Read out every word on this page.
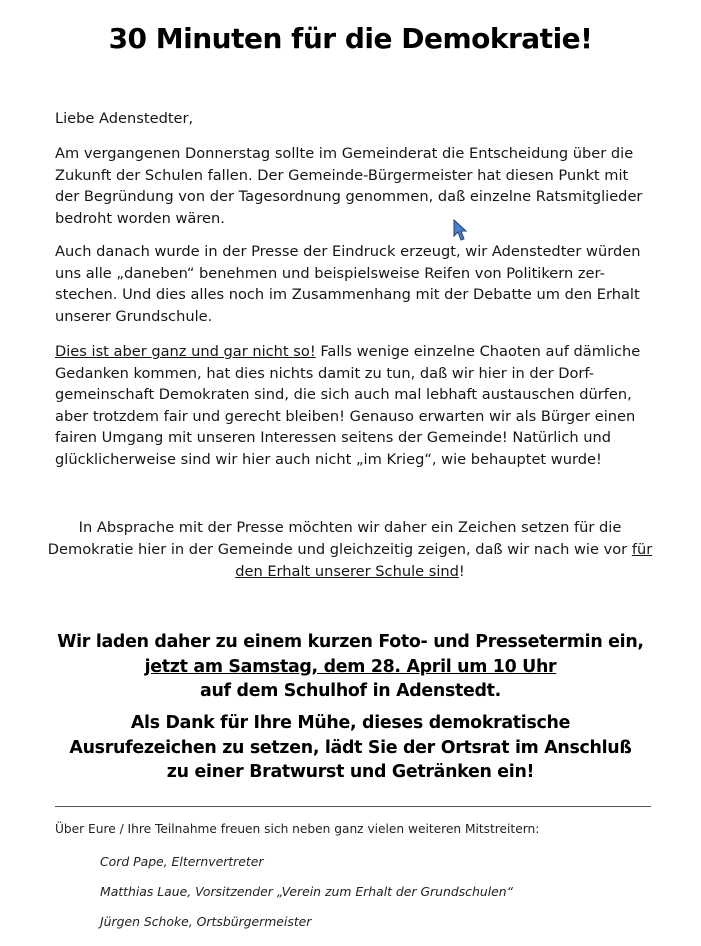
30 Minuten für die Demokratie!
Liebe Adenstedter,
Am vergangenen Donnerstag sollte im Gemeinderat die Entscheidung über die Zukunft der Schulen fallen. Der Gemeinde-Bürgermeister hat diesen Punkt mit der Begründung von der Tagesordnung genommen, daß einzelne Ratsmitglieder bedroht worden wären.
Auch danach wurde in der Presse der Eindruck erzeugt, wir Adenstedter würden uns alle „daneben“ benehmen und beispielsweise Reifen von Politikern zer-stechen. Und dies alles noch im Zusammenhang mit der Debatte um den Erhalt unserer Grundschule.
Dies ist aber ganz und gar nicht so! Falls wenige einzelne Chaoten auf dämliche Gedanken kommen, hat dies nichts damit zu tun, daß wir hier in der Dorf-gemeinschaft Demokraten sind, die sich auch mal lebhaft austauschen dürfen, aber trotzdem fair und gerecht bleiben! Genauso erwarten wir als Bürger einen fairen Umgang mit unseren Interessen seitens der Gemeinde! Natürlich und glücklicherweise sind wir hier auch nicht „im Krieg“, wie behauptet wurde!
In Absprache mit der Presse möchten wir daher ein Zeichen setzen für die Demokratie hier in der Gemeinde und gleichzeitig zeigen, daß wir nach wie vor für den Erhalt unserer Schule sind!
Wir laden daher zu einem kurzen Foto- und Pressetermin ein,
jetzt am Samstag, dem 28. April um 10 Uhr
auf dem Schulhof in Adenstedt.
Als Dank für Ihre Mühe, dieses demokratische
Ausrufezeichen zu setzen, lädt Sie der Ortsrat im Anschluß
zu einer Bratwurst und Getränken ein!
Über Eure / Ihre Teilnahme freuen sich neben ganz vielen weiteren Mitstreitern:
Cord Pape, Elternvertreter
Matthias Laue, Vorsitzender „Verein zum Erhalt der Grundschulen“
Jürgen Schoke, Ortsbürgermeister
